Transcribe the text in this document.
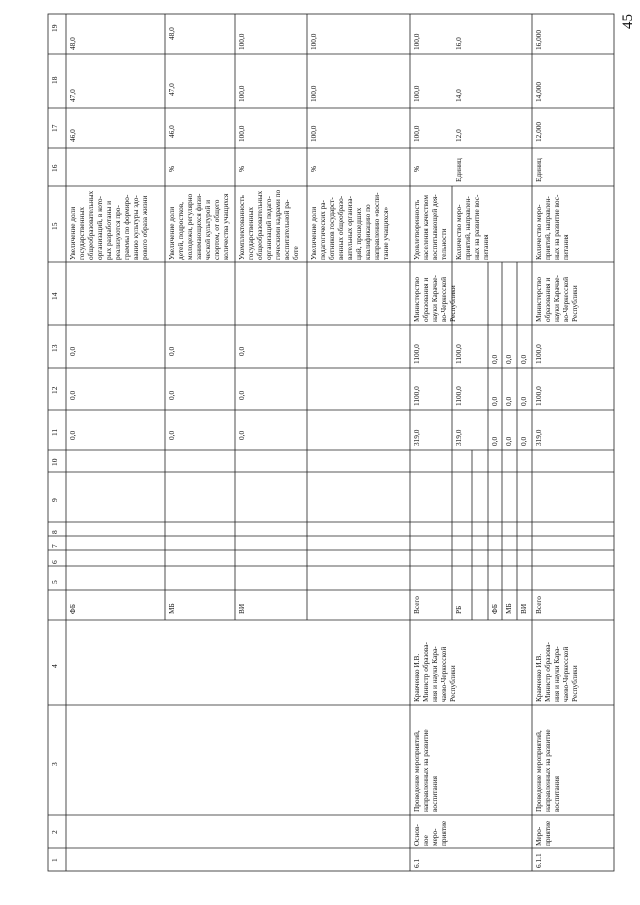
45
19
18
17
16
15
14
13
12
11
10
9
8
7
6
5
4
3
2
1
48,0
47,0
46,0
Увеличение доли
государственных
общеобразовательных
организаций, в кото-
рых разработаны и
реализуются про-
граммы по формиро-
ванию культуры здо-
рового образа жизни
0,0
0,0
0,0
ФБ
48,0
47,0
46,0
%
Увеличение доли
детей, подростков,
молодежи, регулярно
занимающихся физи-
ческой культурой и
спортом, от общего
количества учащихся
0,0
0,0
0,0
МБ
100,0
100,0
100,0
%
Укомплектованность
государственных
общеобразовательных
организаций педаго-
гическими кадрами по
воспитательной ра-
боте
0,0
0,0
0,0
ВИ
100,0
100,0
100,0
%
Увеличение доли
педагогических ра-
ботников государст-
венных общеобразо-
вательных организа-
ций, прошедших
квалификацию по
направлению «воспи-
тание учащихся»
100,0
100,0
100,0
%
Удовлетворенность
населения качеством
воспитывающей дея-
тельности
Министерство
образования и
науки Карачае-
во-Черкесской
Республики
1100,0
1100,0
319,0
Всего
Кравченко И.В.
Министр образова-
ния и науки Кара-
чаево-Черкесской
Республики
Проведение мероприятий,
направленных на развитие
воспитания
Основ-
ное
меро-
приятие
6.1
16,0
14,0
12,0
Единиц
Количество меро-
приятий, направлен-
ных на развитие вос-
питания
1100,0
1100,0
319,0
РБ
0,0
0,0
0,0
ФБ
0,0
0,0
0,0
МБ
0,0
0,0
0,0
ВИ
16,000
14,000
12,000
Единиц
Количество меро-
приятий, направлен-
ных на развитие вос-
питания
Министерство
образования и
науки Карачае-
во-Черкесской
Республики
1100,0
1100,0
319,0
Всего
Кравченко И.В.
Министр образова-
ния и науки Кара-
чаево-Черкесской
Республики
Проведение мероприятий,
направленных на развитие
воспитания
Меро-
приятие
6.1.1
